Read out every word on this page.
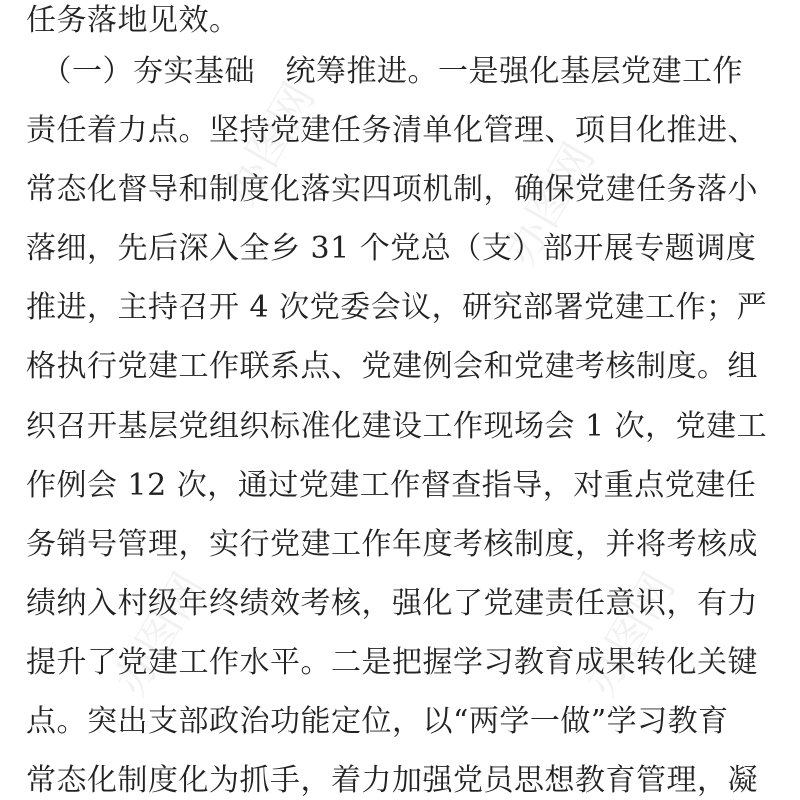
任务落地见效。
　（一）夯实基础　统筹推进。一是强化基层党建工作
责任着力点。坚持党建任务清单化管理、项目化推进、
常态化督导和制度化落实四项机制，确保党建任务落小
落细，先后深入全乡 31 个党总（支）部开展专题调度
推进，主持召开 4 次党委会议，研究部署党建工作；严
格执行党建工作联系点、党建例会和党建考核制度。组
织召开基层党组织标准化建设工作现场会 1 次，党建工
作例会 12 次，通过党建工作督查指导，对重点党建任
务销号管理，实行党建工作年度考核制度，并将考核成
绩纳入村级年终绩效考核，强化了党建责任意识，有力
提升了党建工作水平。二是把握学习教育成果转化关键
点。突出支部政治功能定位，以“两学一做”学习教育
常态化制度化为抓手，着力加强党员思想教育管理，凝
办图网	办图网
办图网	办图网
